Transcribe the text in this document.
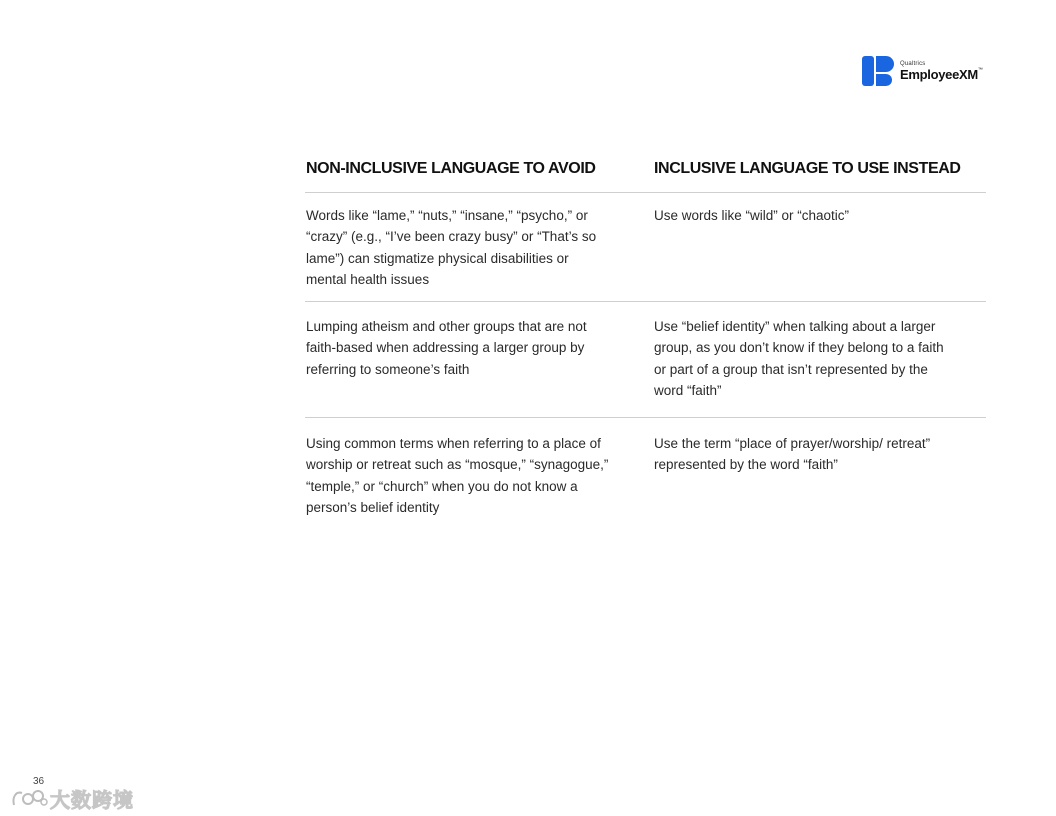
Qualtrics
EmployeeXM™
NON-INCLUSIVE LANGUAGE TO AVOID	INCLUSIVE LANGUAGE TO USE INSTEAD
Words like “lame,” “nuts,” “insane,” “psycho,” or “crazy” (e.g., “I’ve been crazy busy” or “That’s so lame”) can stigmatize physical disabilities or mental health issues
Use words like “wild” or “chaotic”
Lumping atheism and other groups that are not faith-based when addressing a larger group by referring to someone’s faith
Use “belief identity” when talking about a larger group, as you don’t know if they belong to a faith or part of a group that isn’t represented by the word “faith”
Using common terms when referring to a place of worship or retreat such as “mosque,” “synagogue,” “temple,” or “church” when you do not know a person’s belief identity
Use the term “place of prayer/worship/ retreat” represented by the word “faith”
36
大数跨境
